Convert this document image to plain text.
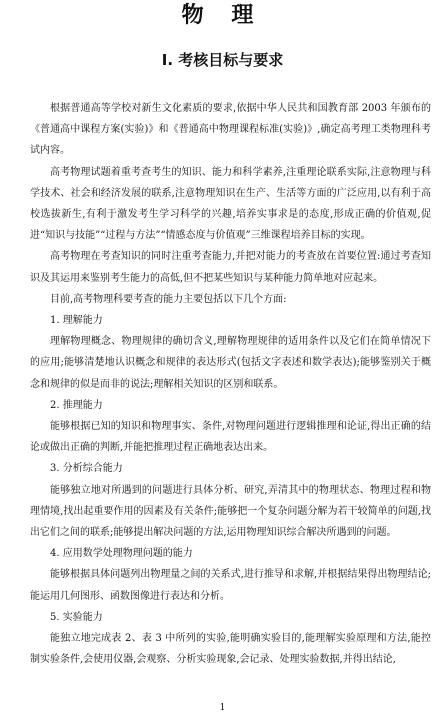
物 理
Ⅰ. 考核目标与要求

根据普通高等学校对新生文化素质的要求,依据中华人民共和国教育部 2003 年颁布的《普通高中课程方案(实验)》和《普通高中物理课程标准(实验)》,确定高考理工类物理科考试内容。

高考物理试题着重考查考生的知识、能力和科学素养,注重理论联系实际,注意物理与科学技术、社会和经济发展的联系,注意物理知识在生产、生活等方面的广泛应用,以有利于高校选拔新生,有利于激发考生学习科学的兴趣,培养实事求是的态度,形成正确的价值观,促进“知识与技能”“过程与方法”“情感态度与价值观”三维课程培养目标的实现。

高考物理在考查知识的同时注重考查能力,并把对能力的考查放在首要位置:通过考查知识及其运用来鉴别考生能力的高低,但不把某些知识与某种能力简单地对应起来。

目前,高考物理科要考查的能力主要包括以下几个方面:

1. 理解能力

理解物理概念、物理规律的确切含义,理解物理规律的适用条件以及它们在简单情况下的应用;能够清楚地认识概念和规律的表达形式(包括文字表述和数学表达);能够鉴别关于概念和规律的似是而非的说法;理解相关知识的区别和联系。

2. 推理能力

能够根据已知的知识和物理事实、条件,对物理问题进行逻辑推理和论证,得出正确的结论或做出正确的判断,并能把推理过程正确地表达出来。

3. 分析综合能力

能够独立地对所遇到的问题进行具体分析、研究,弄清其中的物理状态、物理过程和物理情境,找出起重要作用的因素及有关条件;能够把一个复杂问题分解为若干较简单的问题,找出它们之间的联系;能够提出解决问题的方法,运用物理知识综合解决所遇到的问题。

4. 应用数学处理物理问题的能力

能够根据具体问题列出物理量之间的关系式,进行推导和求解,并根据结果得出物理结论;能运用几何图形、函数图像进行表达和分析。

5. 实验能力

能独立地完成表 2、表 3 中所列的实验,能明确实验目的,能理解实验原理和方法,能控制实验条件,会使用仪器,会观察、分析实验现象,会记录、处理实验数据,并得出结论,

1
